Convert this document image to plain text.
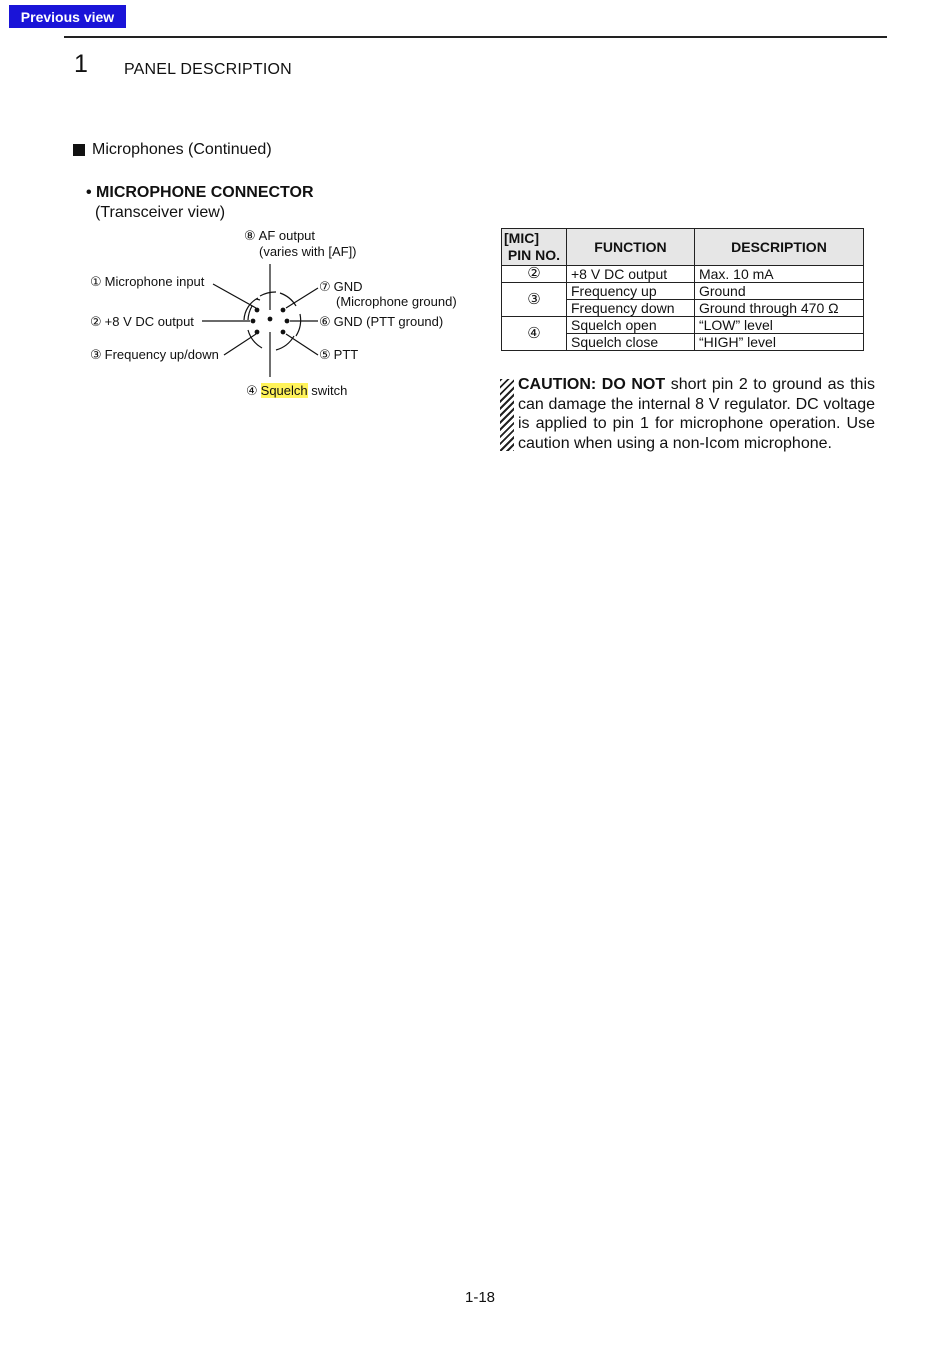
Previous view
1 PANEL DESCRIPTION
Microphones (Continued)
• MICROPHONE CONNECTOR
(Transceiver view)
⑧ AF output
(varies with [AF])
① Microphone input
② +8 V DC output
③ Frequency up/down
④ Squelch switch
⑦ GND
(Microphone ground)
⑥ GND (PTT ground)
⑤ PTT
[MIC]
PIN NO.	FUNCTION	DESCRIPTION
②	+8 V DC output	Max. 10 mA
③	Frequency up	Ground
	Frequency down	Ground through 470 Ω
④	Squelch open	“LOW” level
	Squelch close	“HIGH” level
CAUTION: DO NOT short pin 2 to ground as this can damage the internal 8 V regulator. DC voltage is applied to pin 1 for microphone operation. Use caution when using a non-Icom microphone.
1-18
